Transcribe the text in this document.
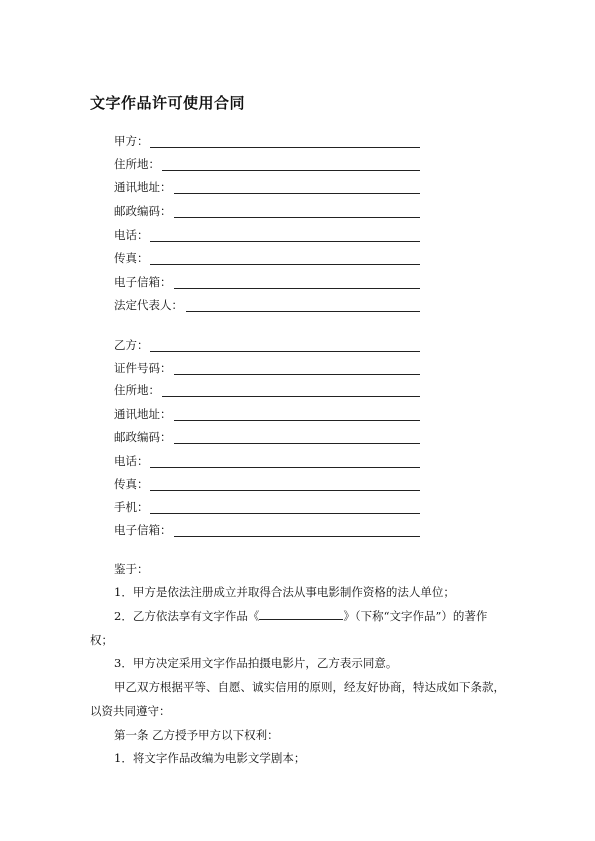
文字作品许可使用合同
甲方：
住所地：
通讯地址：
邮政编码：
电话：
传真：
电子信箱：
法定代表人：
乙方：
证件号码：
住所地：
通讯地址：
邮政编码：
电话：
传真：
手机：
电子信箱：
鉴于：
1．甲方是依法注册成立并取得合法从事电影制作资格的法人单位；
2．乙方依法享有文字作品《	》（下称“文字作品”）的著作
权；
3．甲方决定采用文字作品拍摄电影片，乙方表示同意。
甲乙双方根据平等、自愿、诚实信用的原则，经友好协商，特达成如下条款，
以资共同遵守：
第一条 乙方授予甲方以下权利：
1．将文字作品改编为电影文学剧本；
